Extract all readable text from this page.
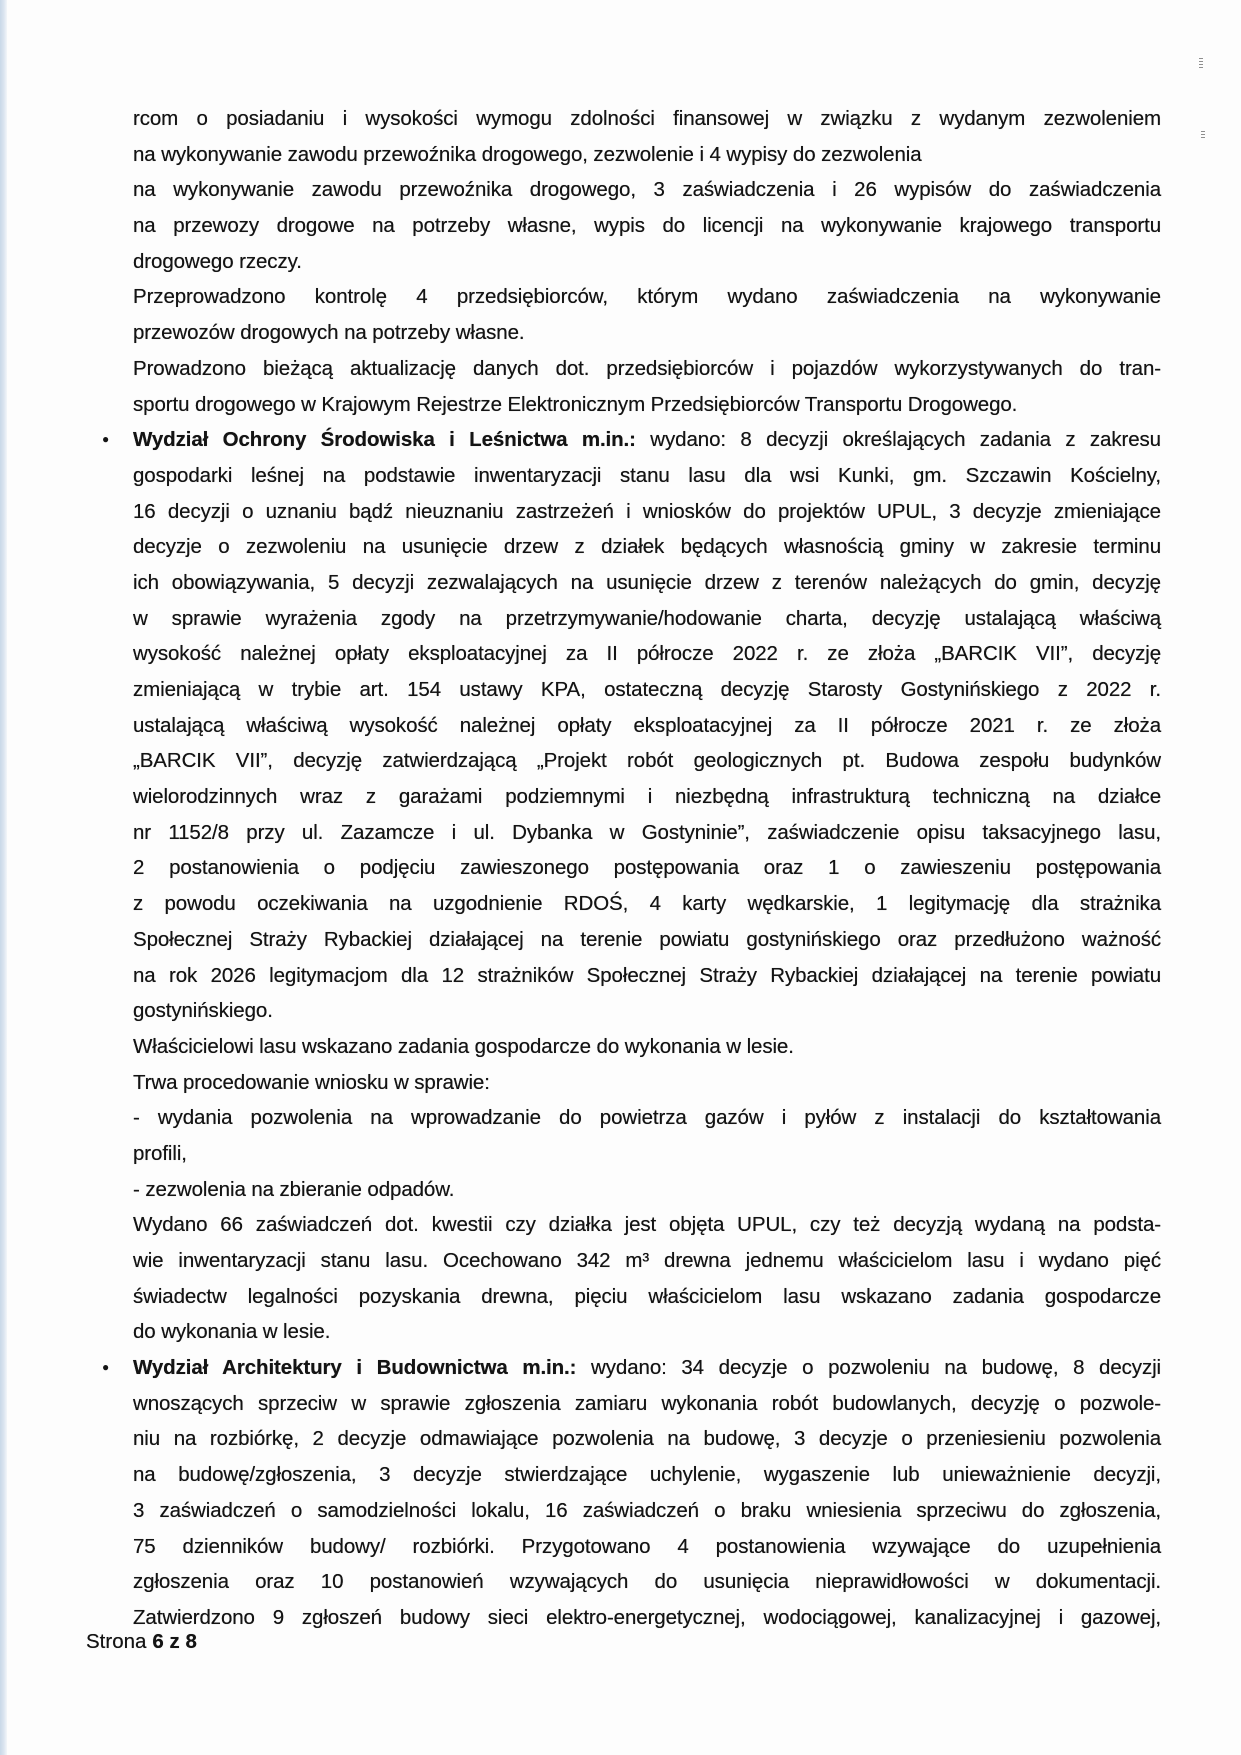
rcom o posiadaniu i wysokości wymogu zdolności finansowej w związku z wydanym zezwoleniem
na wykonywanie zawodu przewoźnika drogowego, zezwolenie i 4 wypisy do zezwolenia
na wykonywanie zawodu przewoźnika drogowego, 3 zaświadczenia i 26 wypisów do zaświadczenia
na przewozy drogowe na potrzeby własne, wypis do licencji na wykonywanie krajowego transportu
drogowego rzeczy.
Przeprowadzono kontrolę 4 przedsiębiorców, którym wydano zaświadczenia na wykonywanie
przewozów drogowych na potrzeby własne.
Prowadzono bieżącą aktualizację danych dot. przedsiębiorców i pojazdów wykorzystywanych do tran-
sportu drogowego w Krajowym Rejestrze Elektronicznym Przedsiębiorców Transportu Drogowego.
● Wydział Ochrony Środowiska i Leśnictwa m.in.: wydano: 8 decyzji określających zadania z zakresu
gospodarki leśnej na podstawie inwentaryzacji stanu lasu dla wsi Kunki, gm. Szczawin Kościelny,
16 decyzji o uznaniu bądź nieuznaniu zastrzeżeń i wniosków do projektów UPUL, 3 decyzje zmieniające
decyzje o zezwoleniu na usunięcie drzew z działek będących własnością gminy w zakresie terminu
ich obowiązywania, 5 decyzji zezwalających na usunięcie drzew z terenów należących do gmin, decyzję
w sprawie wyrażenia zgody na przetrzymywanie/hodowanie charta, decyzję ustalającą właściwą
wysokość należnej opłaty eksploatacyjnej za II półrocze 2022 r. ze złoża „BARCIK VII”, decyzję
zmieniającą w trybie art. 154 ustawy KPA, ostateczną decyzję Starosty Gostynińskiego z 2022 r.
ustalającą właściwą wysokość należnej opłaty eksploatacyjnej za II półrocze 2021 r. ze złoża
„BARCIK VII”, decyzję zatwierdzającą „Projekt robót geologicznych pt. Budowa zespołu budynków
wielorodzinnych wraz z garażami podziemnymi i niezbędną infrastrukturą techniczną na działce
nr 1152/8 przy ul. Zazamcze i ul. Dybanka w Gostyninie”, zaświadczenie opisu taksacyjnego lasu,
2 postanowienia o podjęciu zawieszonego postępowania oraz 1 o zawieszeniu postępowania
z powodu oczekiwania na uzgodnienie RDOŚ, 4 karty wędkarskie, 1 legitymację dla strażnika
Społecznej Straży Rybackiej działającej na terenie powiatu gostynińskiego oraz przedłużono ważność
na rok 2026 legitymacjom dla 12 strażników Społecznej Straży Rybackiej działającej na terenie powiatu
gostynińskiego.
Właścicielowi lasu wskazano zadania gospodarcze do wykonania w lesie.
Trwa procedowanie wniosku w sprawie:
- wydania pozwolenia na wprowadzanie do powietrza gazów i pyłów z instalacji do kształtowania
profili,
- zezwolenia na zbieranie odpadów.
Wydano 66 zaświadczeń dot. kwestii czy działka jest objęta UPUL, czy też decyzją wydaną na podsta-
wie inwentaryzacji stanu lasu. Ocechowano 342 m³ drewna jednemu właścicielom lasu i wydano pięć
świadectw legalności pozyskania drewna, pięciu właścicielom lasu wskazano zadania gospodarcze
do wykonania w lesie.
● Wydział Architektury i Budownictwa m.in.: wydano: 34 decyzje o pozwoleniu na budowę, 8 decyzji
wnoszących sprzeciw w sprawie zgłoszenia zamiaru wykonania robót budowlanych, decyzję o pozwole-
niu na rozbiórkę, 2 decyzje odmawiające pozwolenia na budowę, 3 decyzje o przeniesieniu pozwolenia
na budowę/zgłoszenia, 3 decyzje stwierdzające uchylenie, wygaszenie lub unieważnienie decyzji,
3 zaświadczeń o samodzielności lokalu, 16 zaświadczeń o braku wniesienia sprzeciwu do zgłoszenia,
75 dzienników budowy/ rozbiórki. Przygotowano 4 postanowienia wzywające do uzupełnienia
zgłoszenia oraz 10 postanowień wzywających do usunięcia nieprawidłowości w dokumentacji.
Zatwierdzono 9 zgłoszeń budowy sieci elektro-energetycznej, wodociągowej, kanalizacyjnej i gazowej,
Strona 6 z 8
